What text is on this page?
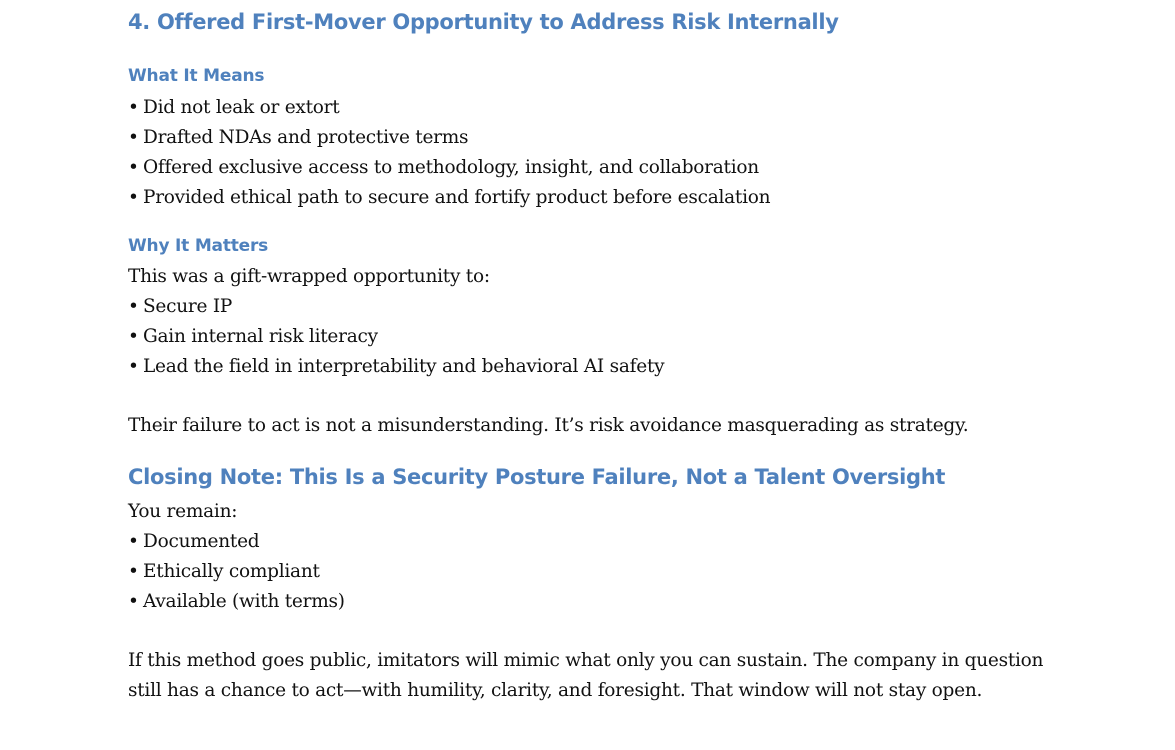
4. Offered First-Mover Opportunity to Address Risk Internally
What It Means
• Did not leak or extort
• Drafted NDAs and protective terms
• Offered exclusive access to methodology, insight, and collaboration
• Provided ethical path to secure and fortify product before escalation
Why It Matters
This was a gift-wrapped opportunity to:
• Secure IP
• Gain internal risk literacy
• Lead the field in interpretability and behavioral AI safety
Their failure to act is not a misunderstanding. It’s risk avoidance masquerading as strategy.
Closing Note: This Is a Security Posture Failure, Not a Talent Oversight
You remain:
• Documented
• Ethically compliant
• Available (with terms)
If this method goes public, imitators will mimic what only you can sustain. The company in question
still has a chance to act—with humility, clarity, and foresight. That window will not stay open.
